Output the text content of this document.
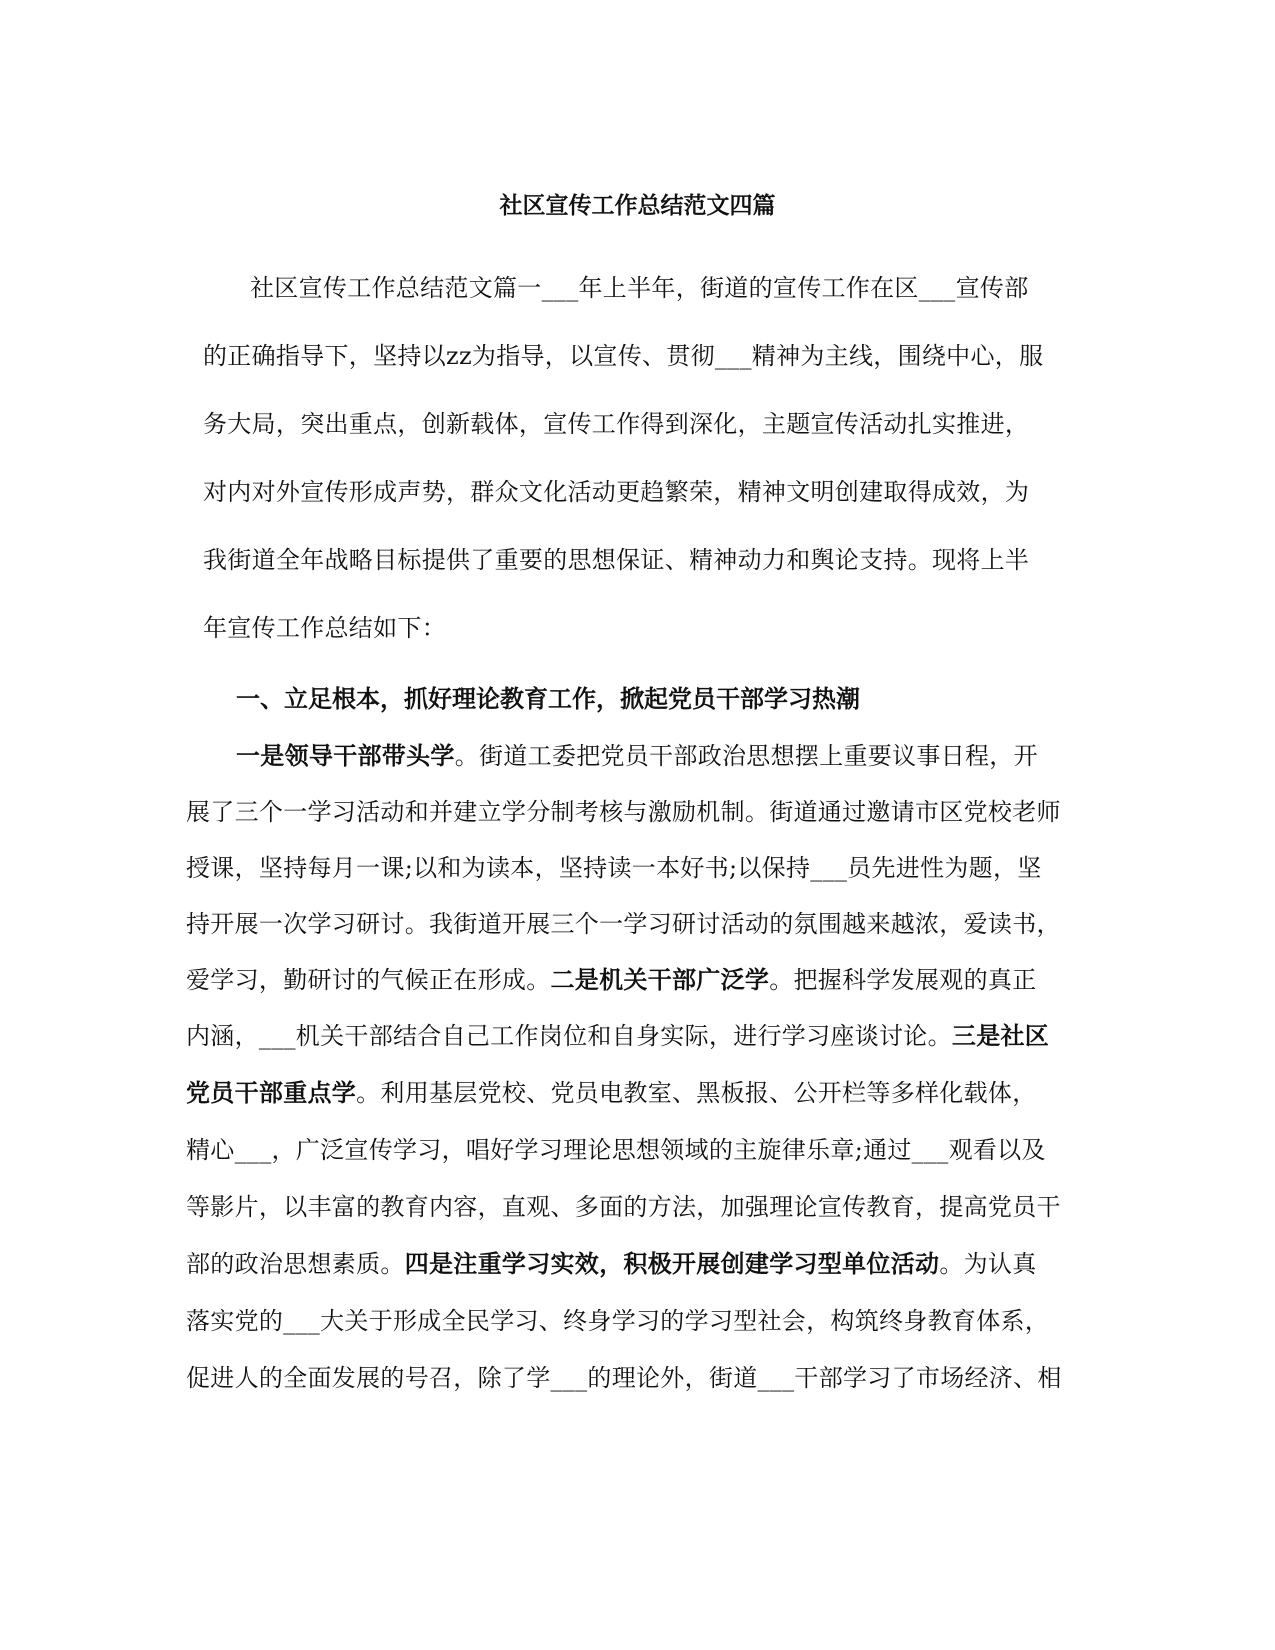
社区宣传工作总结范文四篇
社区宣传工作总结范文篇一___年上半年，街道的宣传工作在区___宣传部
的正确指导下，坚持以zz为指导，以宣传、贯彻___精神为主线，围绕中心，服
务大局，突出重点，创新载体，宣传工作得到深化，主题宣传活动扎实推进，
对内对外宣传形成声势，群众文化活动更趋繁荣，精神文明创建取得成效，为
我街道全年战略目标提供了重要的思想保证、精神动力和舆论支持。现将上半
年宣传工作总结如下：
一、立足根本，抓好理论教育工作，掀起党员干部学习热潮
一是领导干部带头学。街道工委把党员干部政治思想摆上重要议事日程，开
展了三个一学习活动和并建立学分制考核与激励机制。街道通过邀请市区党校老师
授课，坚持每月一课;以和为读本，坚持读一本好书;以保持___员先进性为题，坚
持开展一次学习研讨。我街道开展三个一学习研讨活动的氛围越来越浓，爱读书，
爱学习，勤研讨的气候正在形成。二是机关干部广泛学。把握科学发展观的真正
内涵，___机关干部结合自己工作岗位和自身实际，进行学习座谈讨论。三是社区
党员干部重点学。利用基层党校、党员电教室、黑板报、公开栏等多样化载体，
精心___，广泛宣传学习，唱好学习理论思想领域的主旋律乐章;通过___观看以及
等影片，以丰富的教育内容，直观、多面的方法，加强理论宣传教育，提高党员干
部的政治思想素质。四是注重学习实效，积极开展创建学习型单位活动。为认真
落实党的___大关于形成全民学习、终身学习的学习型社会，构筑终身教育体系，
促进人的全面发展的号召，除了学___的理论外，街道___干部学习了市场经济、相
